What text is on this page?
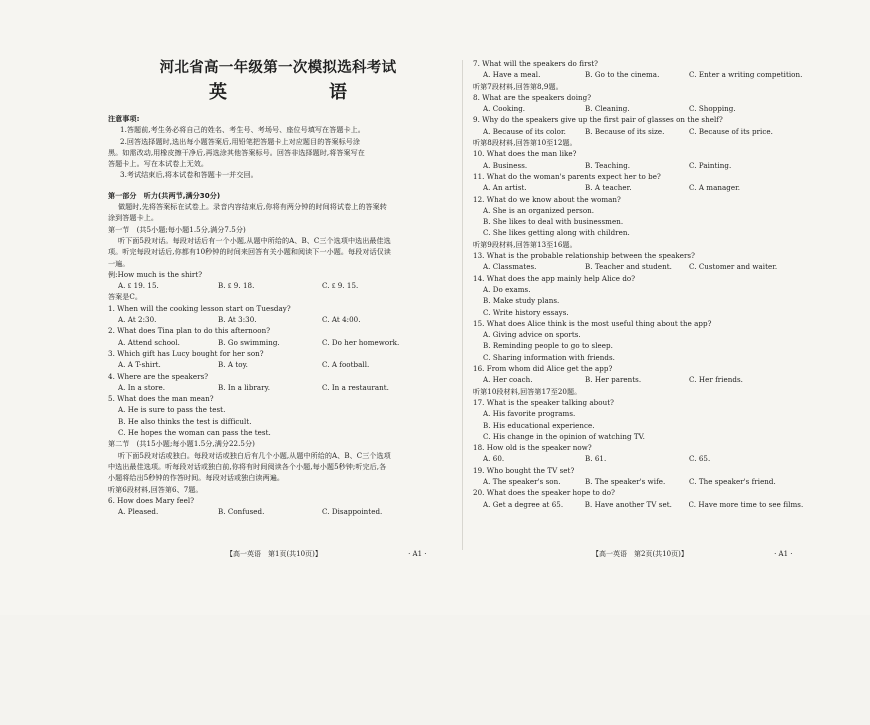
河北省高一年级第一次模拟选科考试
英　　语
注意事项:
1.答题前,考生务必将自己的姓名、考生号、考场号、座位号填写在答题卡上。
2.回答选择题时,选出每小题答案后,用铅笔把答题卡上对应题目的答案标号涂
黑。如需改动,用橡皮擦干净后,再选涂其他答案标号。回答非选择题时,将答案写在
答题卡上。写在本试卷上无效。
3.考试结束后,将本试卷和答题卡一并交回。
第一部分　听力(共两节,满分30分)
做题时,先将答案标在试卷上。录音内容结束后,你将有两分钟的时间将试卷上的答案转
涂到答题卡上。
第一节　(共5小题;每小题1.5分,满分7.5分)
听下面5段对话。每段对话后有一个小题,从题中所给的A、B、C三个选项中选出最佳选
项。听完每段对话后,你都有10秒钟的时间来回答有关小题和阅读下一小题。每段对话仅读
一遍。
例:How much is the shirt?
A. ₤ 19. 15.	B. ₤ 9. 18.	C. ₤ 9. 15.
答案是C。
1. When will the cooking lesson start on Tuesday?
A. At 2:30.	B. At 3:30.	C. At 4:00.
2. What does Tina plan to do this afternoon?
A. Attend school.	B. Go swimming.	C. Do her homework.
3. Which gift has Lucy bought for her son?
A. A T-shirt.	B. A toy.	C. A football.
4. Where are the speakers?
A. In a store.	B. In a library.	C. In a restaurant.
5. What does the man mean?
A. He is sure to pass the test.
B. He also thinks the test is difficult.
C. He hopes the woman can pass the test.
第二节　(共15小题;每小题1.5分,满分22.5分)
听下面5段对话或独白。每段对话或独白后有几个小题,从题中所给的A、B、C三个选项
中选出最佳选项。听每段对话或独白前,你将有时间阅读各个小题,每小题5秒钟;听完后,各
小题将给出5秒钟的作答时间。每段对话或独白读两遍。
听第6段材料,回答第6、7题。
6. How does Mary feel?
A. Pleased.	B. Confused.	C. Disappointed.
7. What will the speakers do first?
A. Have a meal.	B. Go to the cinema.	C. Enter a writing competition.
听第7段材料,回答第8,9题。
8. What are the speakers doing?
A. Cooking.	B. Cleaning.	C. Shopping.
9. Why do the speakers give up the first pair of glasses on the shelf?
A. Because of its color.	B. Because of its size.	C. Because of its price.
听第8段材料,回答第10至12题。
10. What does the man like?
A. Business.	B. Teaching.	C. Painting.
11. What do the woman's parents expect her to be?
A. An artist.	B. A teacher.	C. A manager.
12. What do we know about the woman?
A. She is an organized person.
B. She likes to deal with businessmen.
C. She likes getting along with children.
听第9段材料,回答第13至16题。
13. What is the probable relationship between the speakers?
A. Classmates.	B. Teacher and student.	C. Customer and waiter.
14. What does the app mainly help Alice do?
A. Do exams.
B. Make study plans.
C. Write history essays.
15. What does Alice think is the most useful thing about the app?
A. Giving advice on sports.
B. Reminding people to go to sleep.
C. Sharing information with friends.
16. From whom did Alice get the app?
A. Her coach.	B. Her parents.	C. Her friends.
听第10段材料,回答第17至20题。
17. What is the speaker talking about?
A. His favorite programs.
B. His educational experience.
C. His change in the opinion of watching TV.
18. How old is the speaker now?
A. 60.	B. 61.	C. 65.
19. Who bought the TV set?
A. The speaker's son.	B. The speaker's wife.	C. The speaker's friend.
20. What does the speaker hope to do?
A. Get a degree at 65.	B. Have another TV set.	C. Have more time to see films.
【高一英语　第1页(共10页)】	· A1 ·	【高一英语　第2页(共10页)】	· A1 ·
